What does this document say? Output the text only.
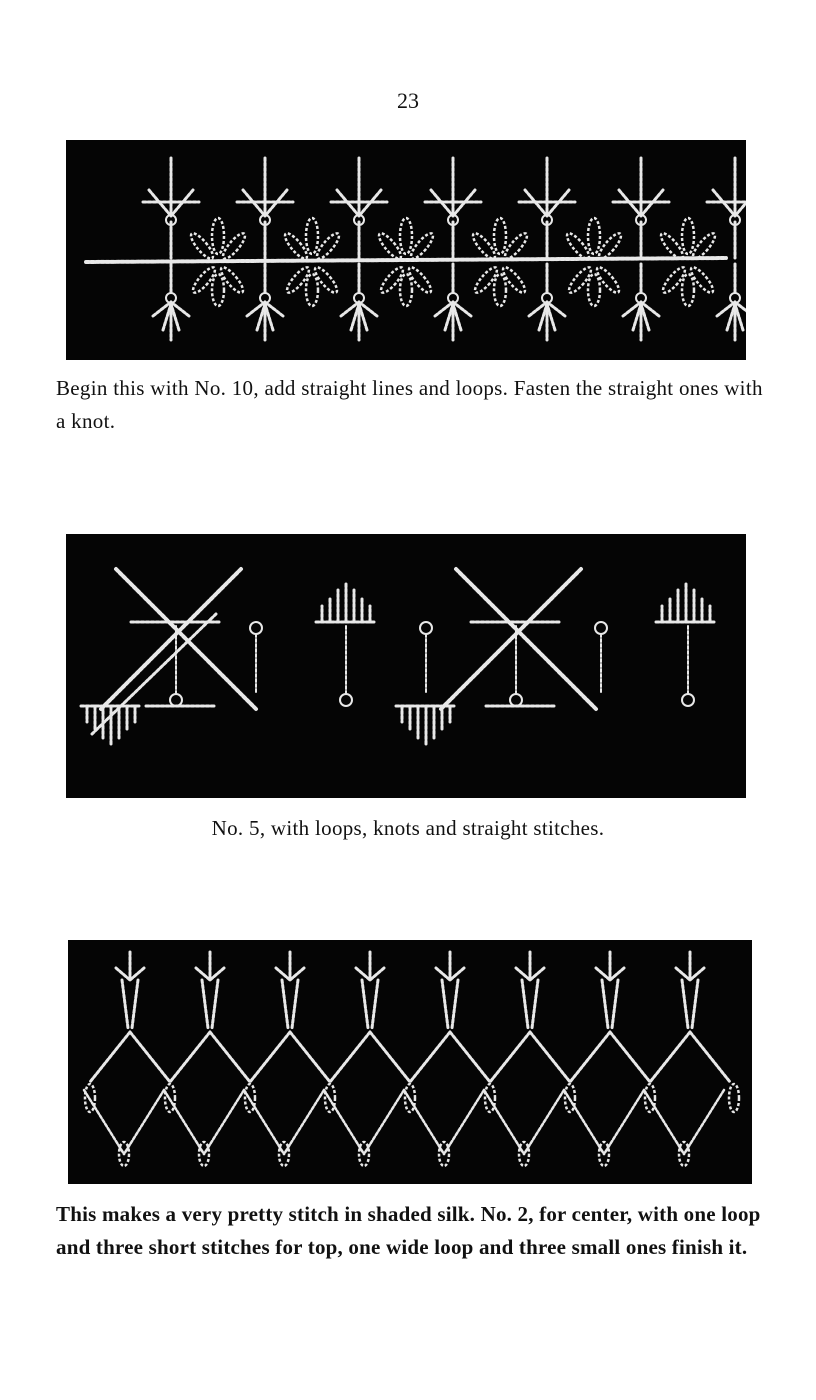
23
Begin this with No. 10, add straight lines and loops. Fasten the straight ones with a knot.
No. 5, with loops, knots and straight stitches.
This makes a very pretty stitch in shaded silk. No. 2, for center, with one loop and three short stitches for top, one wide loop and three small ones finish it.
